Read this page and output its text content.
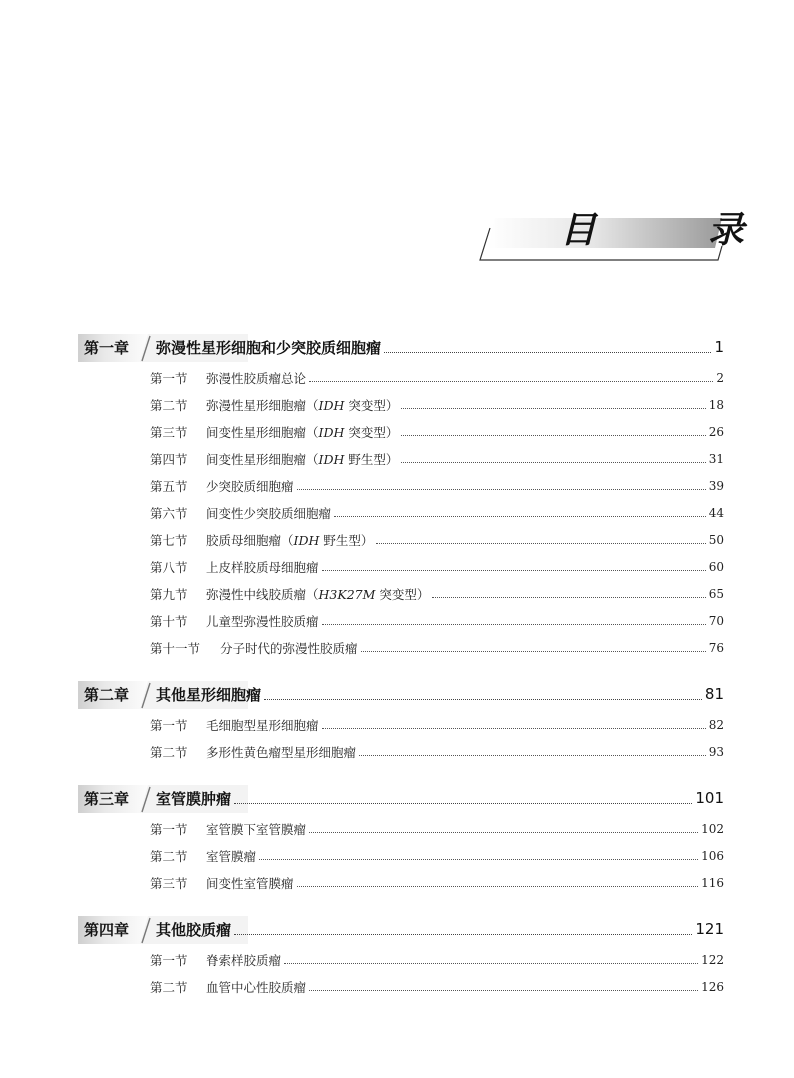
目　录
第一章	弥漫性星形细胞和少突胶质细胞瘤	1
第一节	弥漫性胶质瘤总论	2
第二节	弥漫性星形细胞瘤（IDH 突变型）	18
第三节	间变性星形细胞瘤（IDH 突变型）	26
第四节	间变性星形细胞瘤（IDH 野生型）	31
第五节	少突胶质细胞瘤	39
第六节	间变性少突胶质细胞瘤	44
第七节	胶质母细胞瘤（IDH 野生型）	50
第八节	上皮样胶质母细胞瘤	60
第九节	弥漫性中线胶质瘤（H3K27M 突变型）	65
第十节	儿童型弥漫性胶质瘤	70
第十一节	分子时代的弥漫性胶质瘤	76
第二章	其他星形细胞瘤	81
第一节	毛细胞型星形细胞瘤	82
第二节	多形性黄色瘤型星形细胞瘤	93
第三章	室管膜肿瘤	101
第一节	室管膜下室管膜瘤	102
第二节	室管膜瘤	106
第三节	间变性室管膜瘤	116
第四章	其他胶质瘤	121
第一节	脊索样胶质瘤	122
第二节	血管中心性胶质瘤	126
